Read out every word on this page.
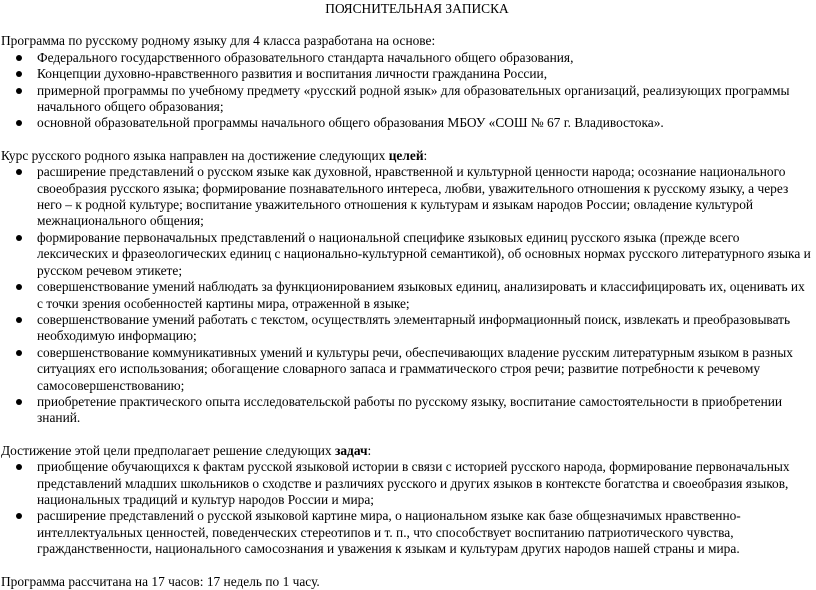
ПОЯСНИТЕЛЬНАЯ ЗАПИСКА

Программа по русскому родному языку для 4 класса разработана на основе:

Федерального государственного образовательного стандарта начального общего образования,
Концепции духовно-нравственного развития и воспитания личности гражданина России,
примерной программы по учебному предмету «русский родной язык» для образовательных организаций, реализующих программы начального общего образования;
основной образовательной программы начального общего образования МБОУ «СОШ № 67 г. Владивостока».

Курс русского родного языка направлен на достижение следующих целей:

расширение представлений о русском языке как духовной, нравственной и культурной ценности народа; осознание национального своеобразия русского языка; формирование познавательного интереса, любви, уважительного отношения к русскому языку, а через него – к родной культуре; воспитание уважительного отношения к культурам и языкам народов России; овладение культурой межнационального общения;
формирование первоначальных представлений о национальной специфике языковых единиц русского языка (прежде всего лексических и фразеологических единиц с национально-культурной семантикой), об основных нормах русского литературного языка и русском речевом этикете;
совершенствование умений наблюдать за функционированием языковых единиц, анализировать и классифицировать их, оценивать их с точки зрения особенностей картины мира, отраженной в языке;
совершенствование умений работать с текстом, осуществлять элементарный информационный поиск, извлекать и преобразовывать необходимую информацию;
совершенствование коммуникативных умений и культуры речи, обеспечивающих владение русским литературным языком в разных ситуациях его использования; обогащение словарного запаса и грамматического строя речи; развитие потребности к речевому самосовершенствованию;
приобретение практического опыта исследовательской работы по русскому языку, воспитание самостоятельности в приобретении знаний.

Достижение этой цели предполагает решение следующих задач:

приобщение обучающихся к фактам русской языковой истории в связи с историей русского народа, формирование первоначальных представлений младших школьников о сходстве и различиях русского и других языков в контексте богатства и своеобразия языков, национальных традиций и культур народов России и мира;
расширение представлений о русской языковой картине мира, о национальном языке как базе общезначимых нравственно-интеллектуальных ценностей, поведенческих стереотипов и т. п., что способствует воспитанию патриотического чувства, гражданственности, национального самосознания и уважения к языкам и культурам других народов нашей страны и мира.

Программа рассчитана на 17 часов: 17 недель по 1 часу.
